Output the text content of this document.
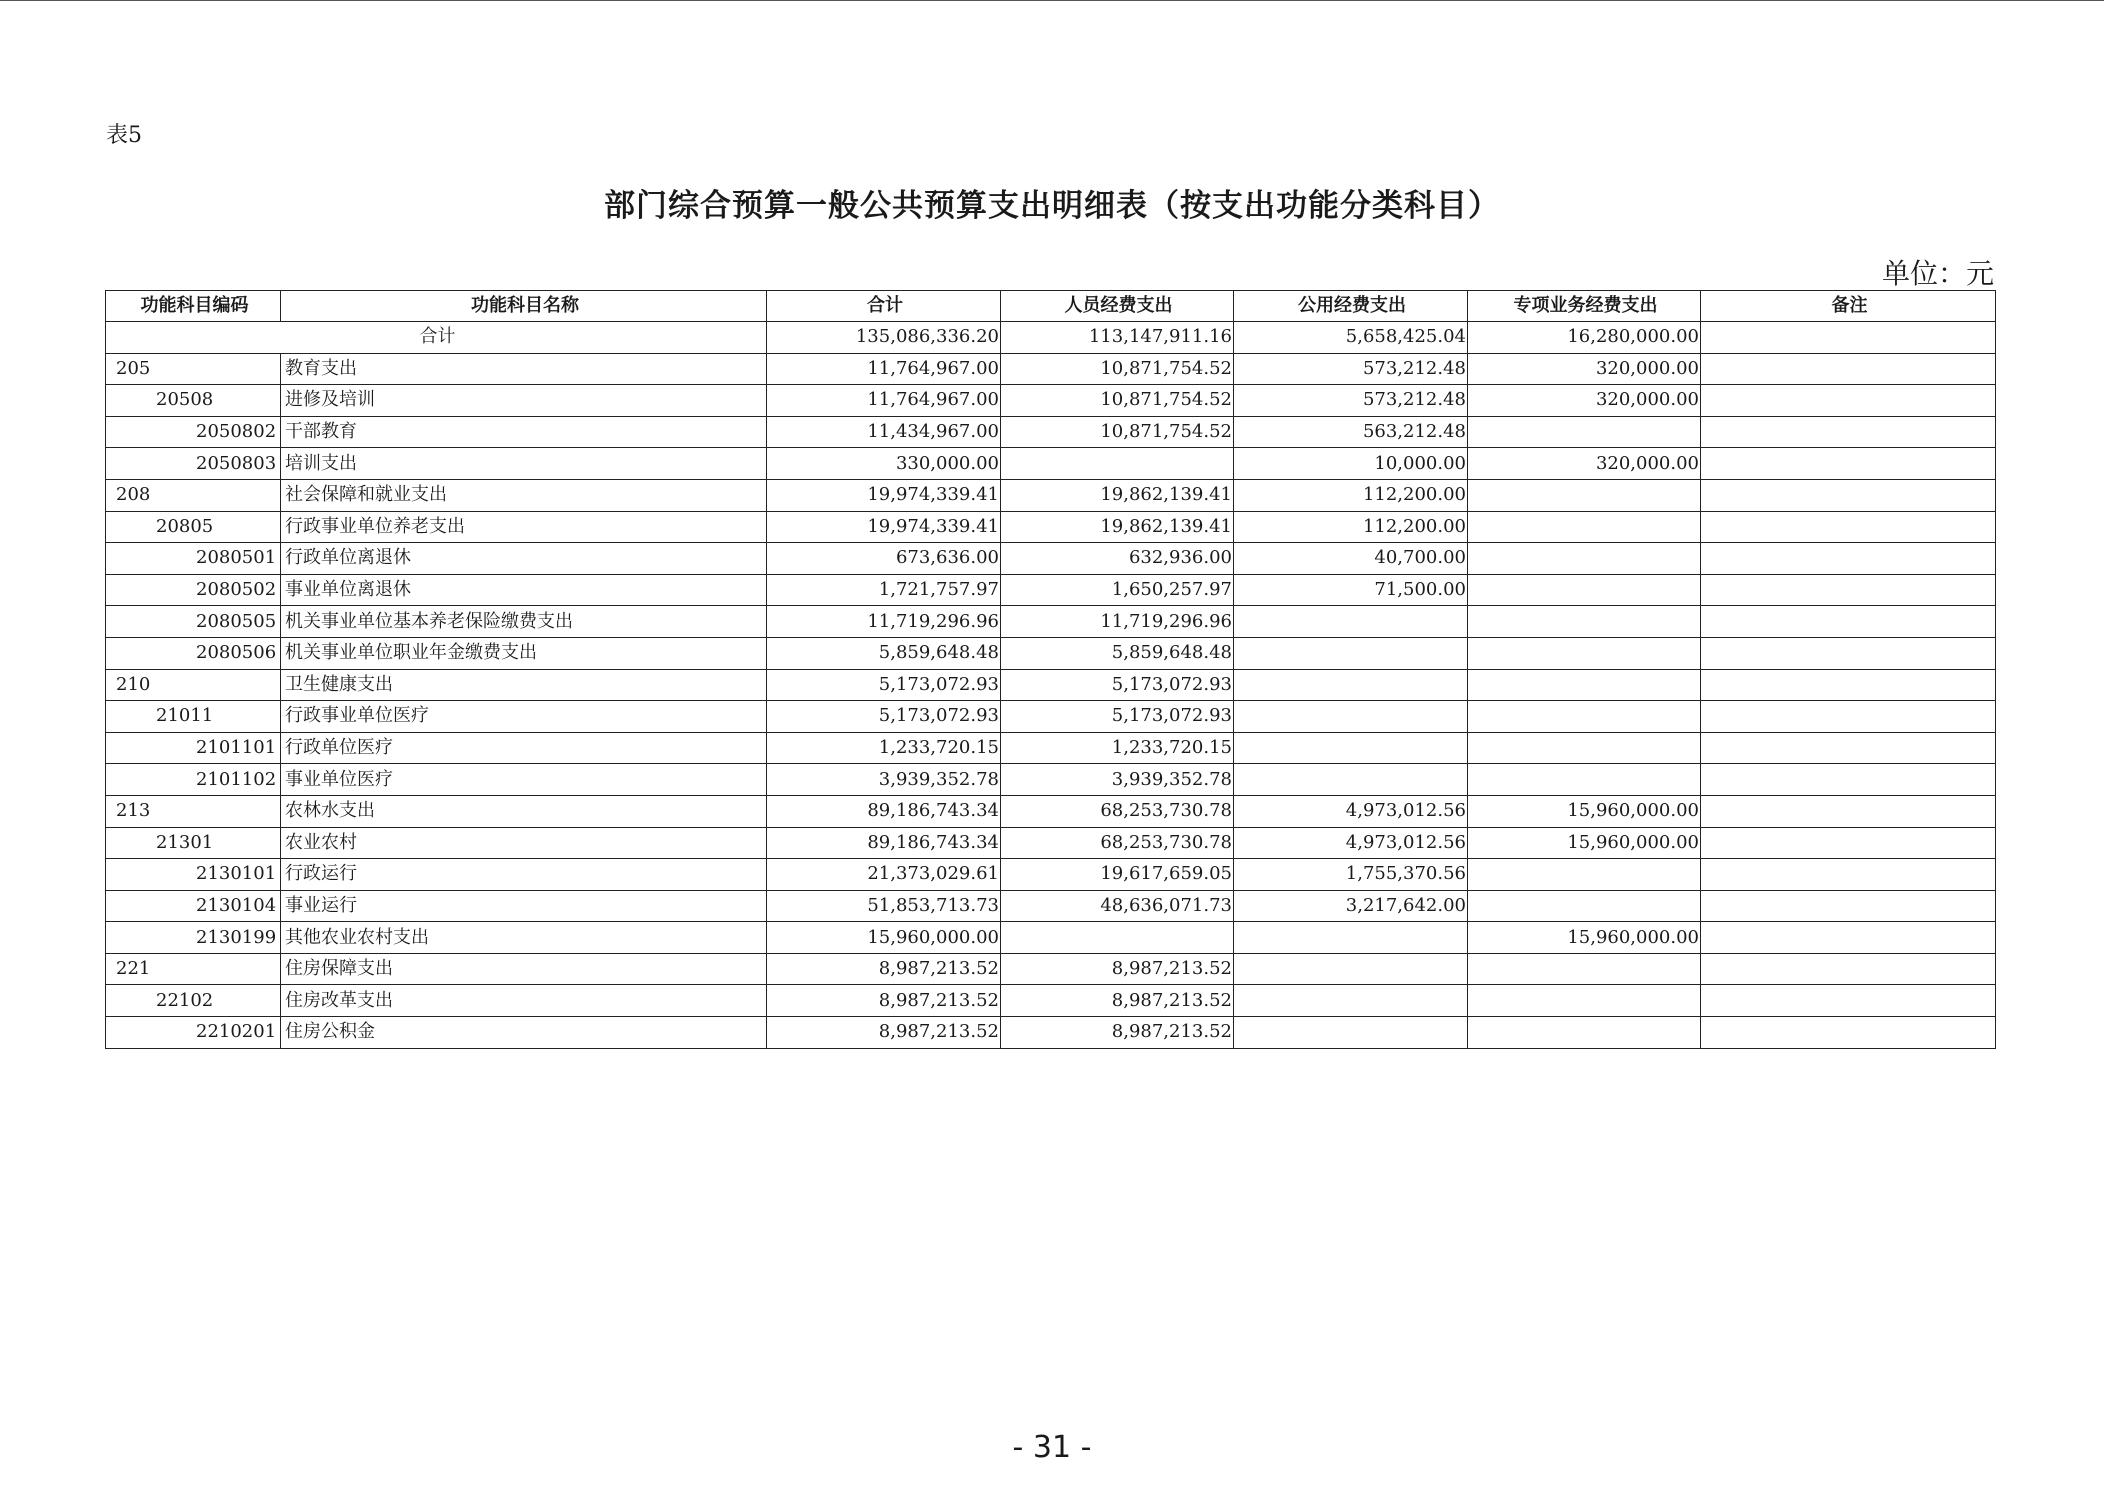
表5
部门综合预算一般公共预算支出明细表（按支出功能分类科目）
单位：元
功能科目编码	功能科目名称	合计	人员经费支出	公用经费支出	专项业务经费支出	备注
合计		135,086,336.20	113,147,911.16	5,658,425.04	16,280,000.00	
205	教育支出	11,764,967.00	10,871,754.52	573,212.48	320,000.00	
20508	进修及培训	11,764,967.00	10,871,754.52	573,212.48	320,000.00	
2050802	干部教育	11,434,967.00	10,871,754.52	563,212.48		
2050803	培训支出	330,000.00		10,000.00	320,000.00	
208	社会保障和就业支出	19,974,339.41	19,862,139.41	112,200.00		
20805	行政事业单位养老支出	19,974,339.41	19,862,139.41	112,200.00		
2080501	行政单位离退休	673,636.00	632,936.00	40,700.00		
2080502	事业单位离退休	1,721,757.97	1,650,257.97	71,500.00		
2080505	机关事业单位基本养老保险缴费支出	11,719,296.96	11,719,296.96			
2080506	机关事业单位职业年金缴费支出	5,859,648.48	5,859,648.48			
210	卫生健康支出	5,173,072.93	5,173,072.93			
21011	行政事业单位医疗	5,173,072.93	5,173,072.93			
2101101	行政单位医疗	1,233,720.15	1,233,720.15			
2101102	事业单位医疗	3,939,352.78	3,939,352.78			
213	农林水支出	89,186,743.34	68,253,730.78	4,973,012.56	15,960,000.00	
21301	农业农村	89,186,743.34	68,253,730.78	4,973,012.56	15,960,000.00	
2130101	行政运行	21,373,029.61	19,617,659.05	1,755,370.56		
2130104	事业运行	51,853,713.73	48,636,071.73	3,217,642.00		
2130199	其他农业农村支出	15,960,000.00			15,960,000.00	
221	住房保障支出	8,987,213.52	8,987,213.52			
22102	住房改革支出	8,987,213.52	8,987,213.52			
2210201	住房公积金	8,987,213.52	8,987,213.52			
- 31 -
